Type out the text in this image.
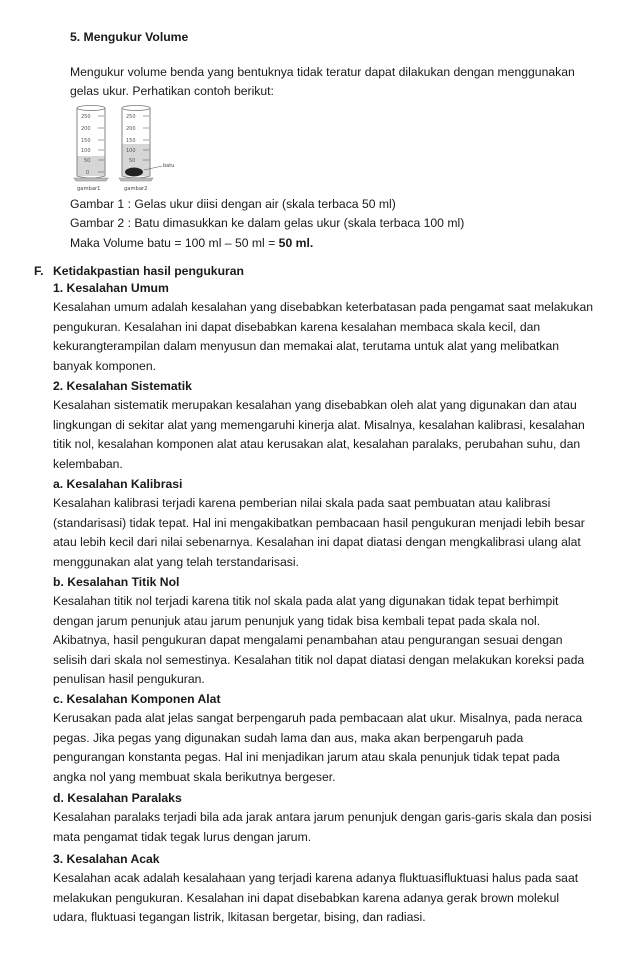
5. Mengukur Volume
Mengukur volume benda yang bentuknya tidak teratur dapat dilakukan dengan menggunakan
gelas ukur. Perhatikan contoh berikut:
250
200
150
100
50
0
250
200
150
100
50
batu
gambar1	gambar2
Gambar 1 : Gelas ukur diisi dengan air (skala terbaca 50 ml)
Gambar 2 : Batu dimasukkan ke dalam gelas ukur (skala terbaca 100 ml)
Maka Volume batu = 100 ml – 50 ml = 50 ml.
F. Ketidakpastian hasil pengukuran
1. Kesalahan Umum
Kesalahan umum adalah kesalahan yang disebabkan keterbatasan pada pengamat saat melakukan
pengukuran. Kesalahan ini dapat disebabkan karena kesalahan membaca skala kecil, dan
kekurangterampilan dalam menyusun dan memakai alat, terutama untuk alat yang melibatkan
banyak komponen.
2. Kesalahan Sistematik
Kesalahan sistematik merupakan kesalahan yang disebabkan oleh alat yang digunakan dan atau
lingkungan di sekitar alat yang memengaruhi kinerja alat. Misalnya, kesalahan kalibrasi, kesalahan
titik nol, kesalahan komponen alat atau kerusakan alat, kesalahan paralaks, perubahan suhu, dan
kelembaban.
a. Kesalahan Kalibrasi
Kesalahan kalibrasi terjadi karena pemberian nilai skala pada saat pembuatan atau kalibrasi
(standarisasi) tidak tepat. Hal ini mengakibatkan pembacaan hasil pengukuran menjadi lebih besar
atau lebih kecil dari nilai sebenarnya. Kesalahan ini dapat diatasi dengan mengkalibrasi ulang alat
menggunakan alat yang telah terstandarisasi.
b. Kesalahan Titik Nol
Kesalahan titik nol terjadi karena titik nol skala pada alat yang digunakan tidak tepat berhimpit
dengan jarum penunjuk atau jarum penunjuk yang tidak bisa kembali tepat pada skala nol.
Akibatnya, hasil pengukuran dapat mengalami penambahan atau pengurangan sesuai dengan
selisih dari skala nol semestinya. Kesalahan titik nol dapat diatasi dengan melakukan koreksi pada
penulisan hasil pengukuran.
c. Kesalahan Komponen Alat
Kerusakan pada alat jelas sangat berpengaruh pada pembacaan alat ukur. Misalnya, pada neraca
pegas. Jika pegas yang digunakan sudah lama dan aus, maka akan berpengaruh pada
pengurangan konstanta pegas. Hal ini menjadikan jarum atau skala penunjuk tidak tepat pada
angka nol yang membuat skala berikutnya bergeser.
d. Kesalahan Paralaks
Kesalahan paralaks terjadi bila ada jarak antara jarum penunjuk dengan garis-garis skala dan posisi
mata pengamat tidak tegak lurus dengan jarum.
3. Kesalahan Acak
Kesalahan acak adalah kesalahaan yang terjadi karena adanya fluktuasifluktuasi halus pada saat
melakukan pengukuran. Kesalahan ini dapat disebabkan karena adanya gerak brown molekul
udara, fluktuasi tegangan listrik, lkitasan bergetar, bising, dan radiasi.
